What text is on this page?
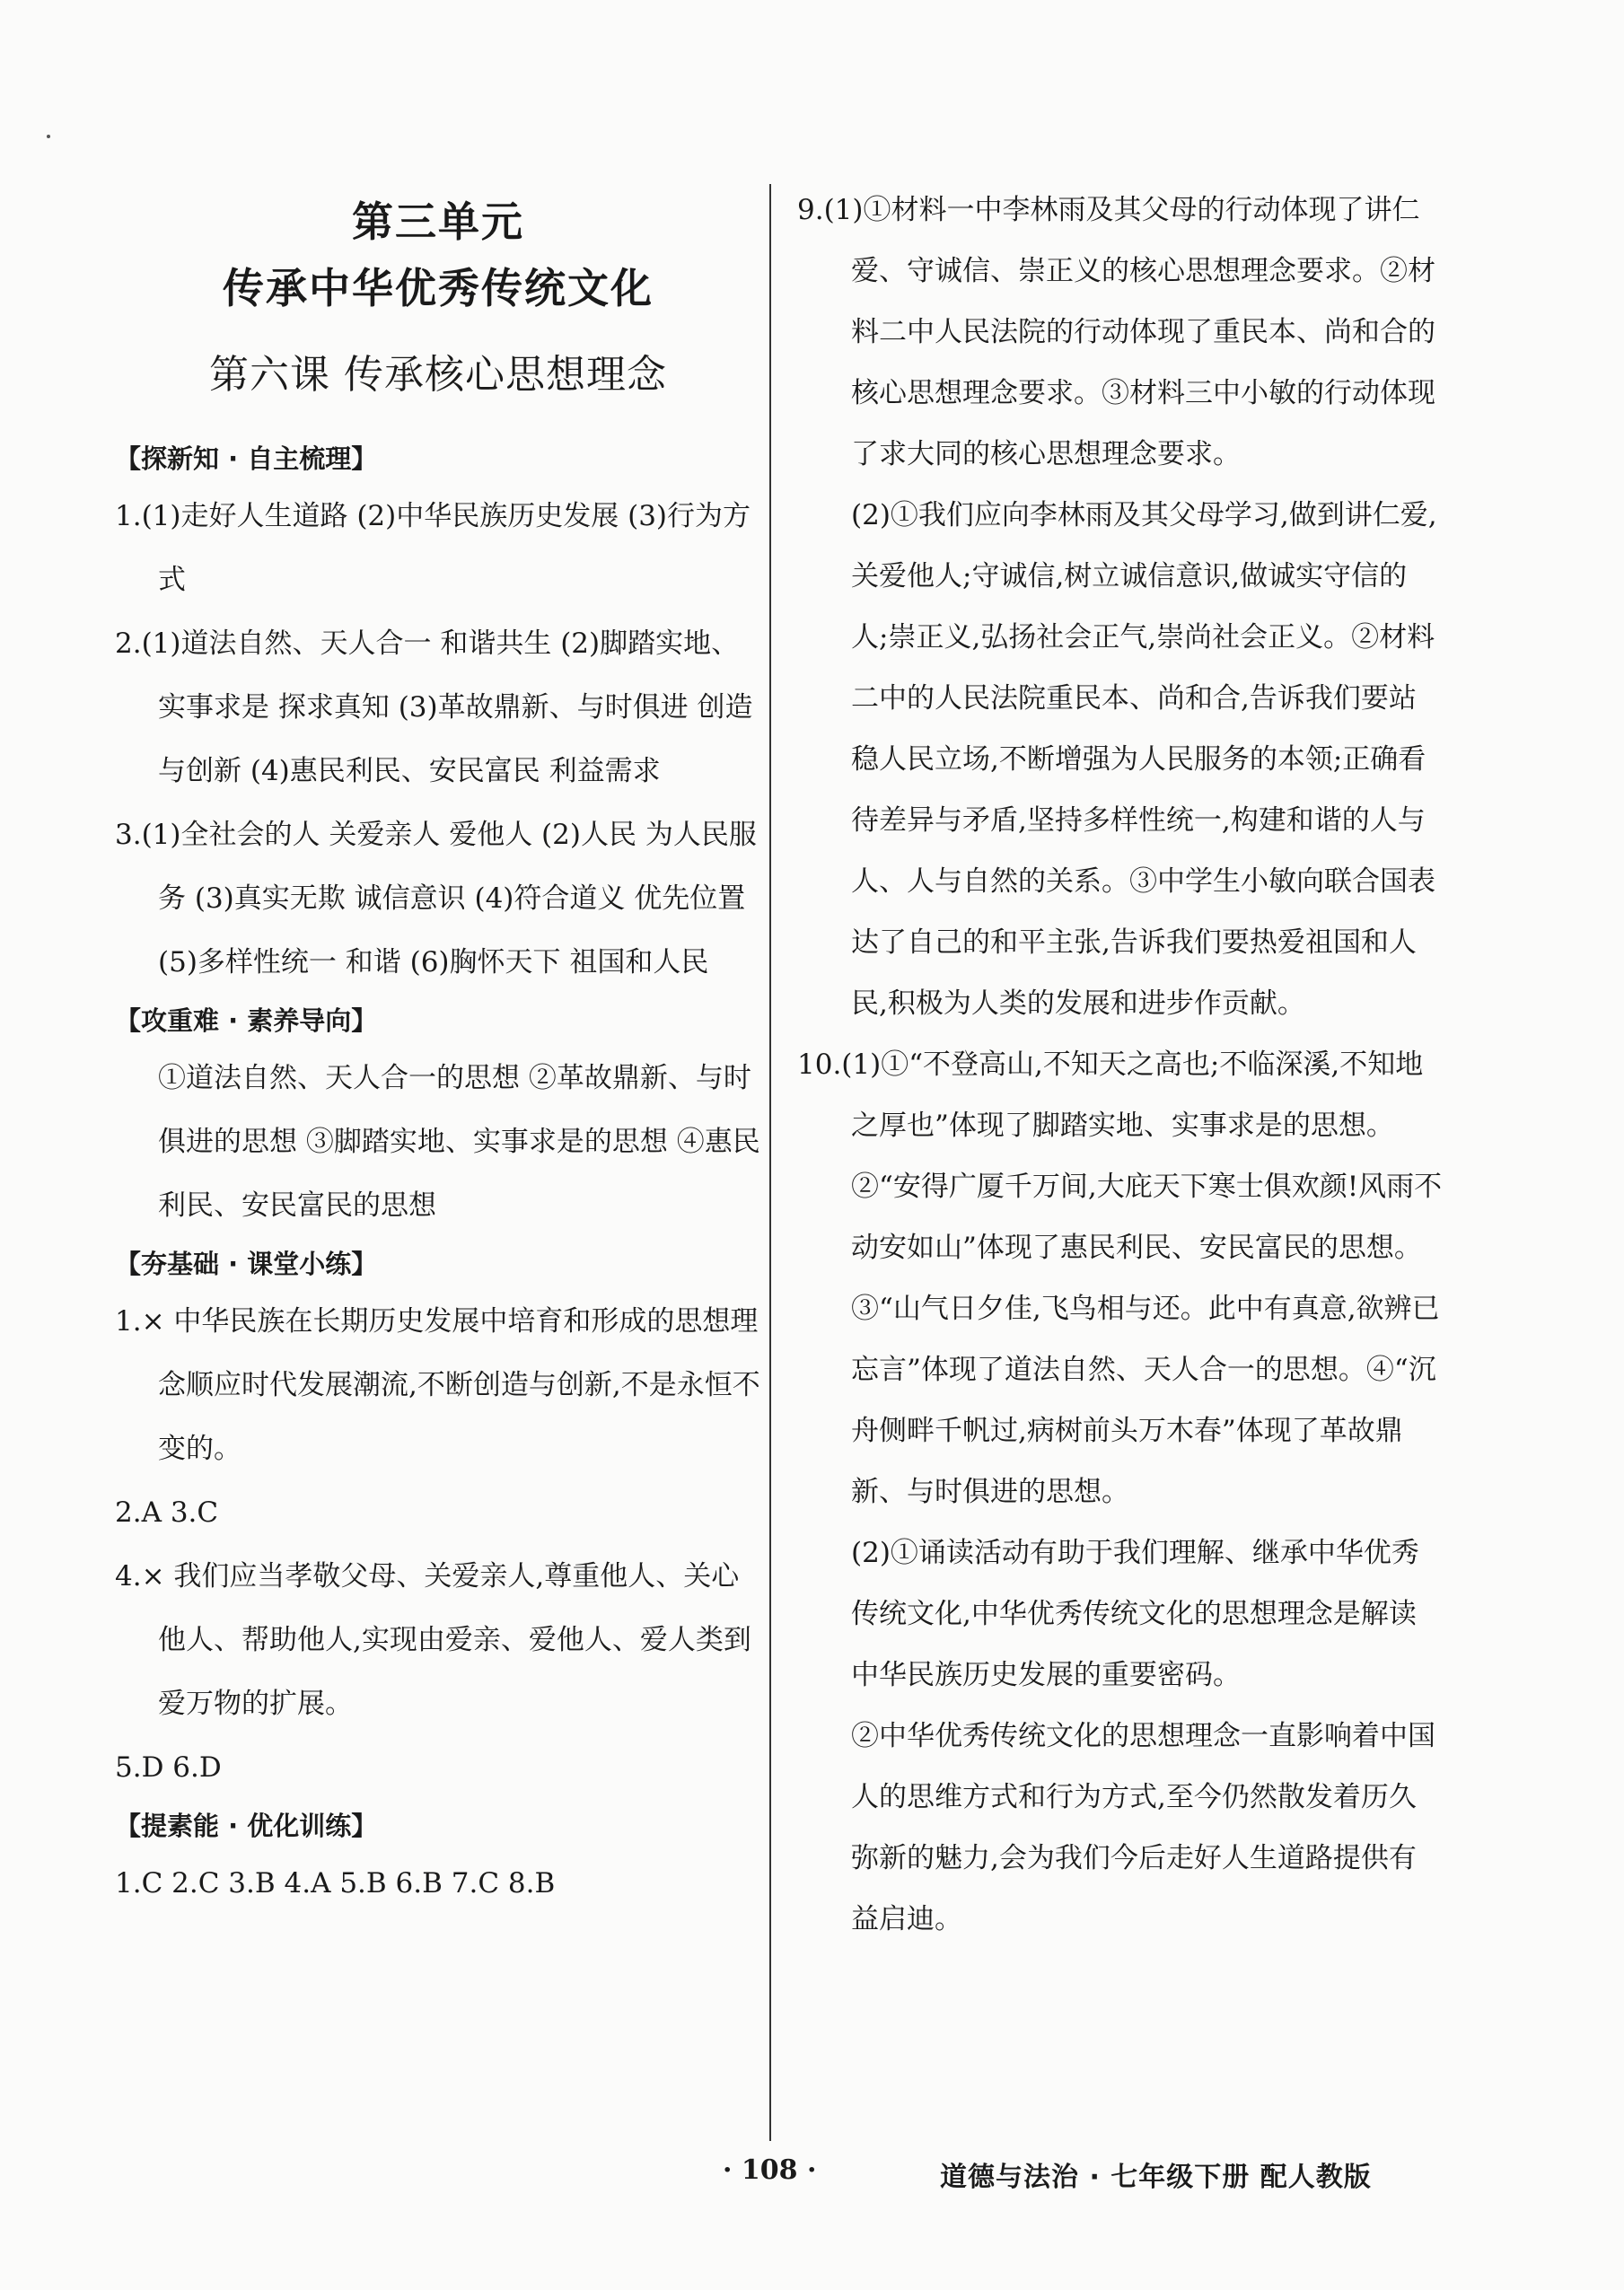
第三单元
传承中华优秀传统文化
第六课 传承核心思想理念
【探新知 · 自主梳理】

1.(1)走好人生道路 (2)中华民族历史发展 (3)行为方式

2.(1)道法自然、天人合一 和谐共生 (2)脚踏实地、实事求是 探求真知 (3)革故鼎新、与时俱进 创造与创新 (4)惠民利民、安民富民 利益需求

3.(1)全社会的人 关爱亲人 爱他人 (2)人民 为人民服务 (3)真实无欺 诚信意识 (4)符合道义 优先位置 (5)多样性统一 和谐 (6)胸怀天下 祖国和人民

【攻重难 · 素养导向】

①道法自然、天人合一的思想 ②革故鼎新、与时俱进的思想 ③脚踏实地、实事求是的思想 ④惠民利民、安民富民的思想

【夯基础 · 课堂小练】

1.× 中华民族在长期历史发展中培育和形成的思想理念顺应时代发展潮流,不断创造与创新,不是永恒不变的。

2.A 3.C

4.× 我们应当孝敬父母、关爱亲人,尊重他人、关心他人、帮助他人,实现由爱亲、爱他人、爱人类到爱万物的扩展。

5.D 6.D

【提素能 · 优化训练】

1.C 2.C 3.B 4.A 5.B 6.B 7.C 8.B

9.(1)①材料一中李林雨及其父母的行动体现了讲仁爱、守诚信、崇正义的核心思想理念要求。②材料二中人民法院的行动体现了重民本、尚和合的核心思想理念要求。③材料三中小敏的行动体现了求大同的核心思想理念要求。

(2)①我们应向李林雨及其父母学习,做到讲仁爱,关爱他人;守诚信,树立诚信意识,做诚实守信的人;崇正义,弘扬社会正气,崇尚社会正义。②材料二中的人民法院重民本、尚和合,告诉我们要站稳人民立场,不断增强为人民服务的本领;正确看待差异与矛盾,坚持多样性统一,构建和谐的人与人、人与自然的关系。③中学生小敏向联合国表达了自己的和平主张,告诉我们要热爱祖国和人民,积极为人类的发展和进步作贡献。

10.(1)①“不登高山,不知天之高也;不临深溪,不知地之厚也”体现了脚踏实地、实事求是的思想。②“安得广厦千万间,大庇天下寒士俱欢颜!风雨不动安如山”体现了惠民利民、安民富民的思想。③“山气日夕佳,飞鸟相与还。此中有真意,欲辨已忘言”体现了道法自然、天人合一的思想。④“沉舟侧畔千帆过,病树前头万木春”体现了革故鼎新、与时俱进的思想。

(2)①诵读活动有助于我们理解、继承中华优秀传统文化,中华优秀传统文化的思想理念是解读中华民族历史发展的重要密码。

②中华优秀传统文化的思想理念一直影响着中国人的思维方式和行为方式,至今仍然散发着历久弥新的魅力,会为我们今后走好人生道路提供有益启迪。

· 108 ·	道德与法治 · 七年级下册 配人教版
